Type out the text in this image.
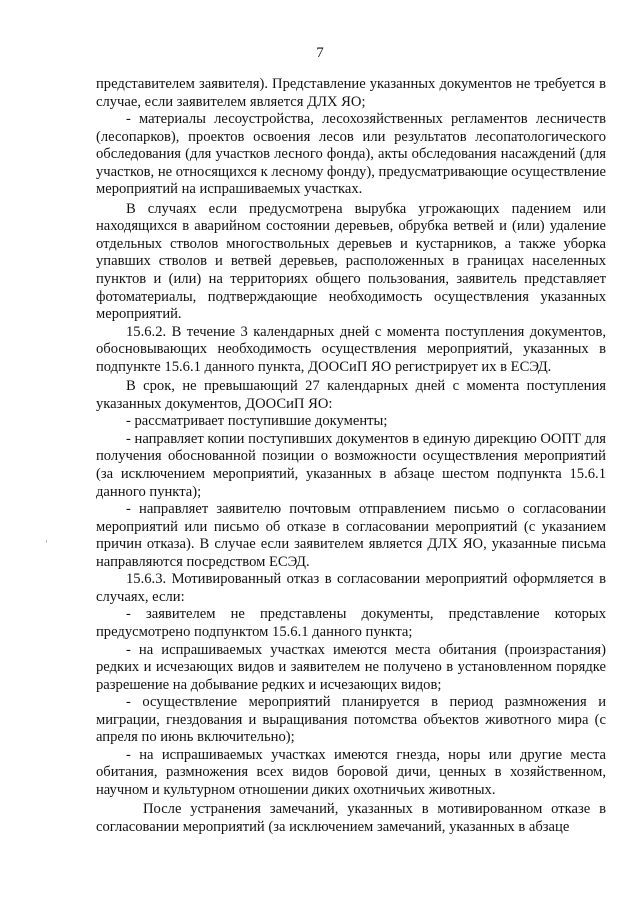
7

представителем заявителя). Представление указанных документов не требуется в случае, если заявителем является ДЛХ ЯО;

- материалы лесоустройства, лесохозяйственных регламентов лесничеств (лесопарков), проектов освоения лесов или результатов лесопатологического обследования (для участков лесного фонда), акты обследования насаждений (для участков, не относящихся к лесному фонду), предусматривающие осуществление мероприятий на испрашиваемых участках.

В случаях если предусмотрена вырубка угрожающих падением или находящихся в аварийном состоянии деревьев, обрубка ветвей и (или) удаление отдельных стволов многоствольных деревьев и кустарников, а также уборка упавших стволов и ветвей деревьев, расположенных в границах населенных пунктов и (или) на территориях общего пользования, заявитель представляет фотоматериалы, подтверждающие необходимость осуществления указанных мероприятий.

15.6.2. В течение 3 календарных дней с момента поступления документов, обосновывающих необходимость осуществления мероприятий, указанных в подпункте 15.6.1 данного пункта, ДООСиП ЯО регистрирует их в ЕСЭД.

В срок, не превышающий 27 календарных дней с момента поступления указанных документов, ДООСиП ЯО:

- рассматривает поступившие документы;

- направляет копии поступивших документов в единую дирекцию ООПТ для получения обоснованной позиции о возможности осуществления мероприятий (за исключением мероприятий, указанных в абзаце шестом подпункта 15.6.1 данного пункта);

- направляет заявителю почтовым отправлением письмо о согласовании мероприятий или письмо об отказе в согласовании мероприятий (с указанием причин отказа). В случае если заявителем является ДЛХ ЯО, указанные письма направляются посредством ЕСЭД.

15.6.3. Мотивированный отказ в согласовании мероприятий оформляется в случаях, если:

- заявителем не представлены документы, представление которых предусмотрено подпунктом 15.6.1 данного пункта;

- на испрашиваемых участках имеются места обитания (произрастания) редких и исчезающих видов и заявителем не получено в установленном порядке разрешение на добывание редких и исчезающих видов;

- осуществление мероприятий планируется в период размножения и миграции, гнездования и выращивания потомства объектов животного мира (с апреля по июнь включительно);

- на испрашиваемых участках имеются гнезда, норы или другие места обитания, размножения всех видов боровой дичи, ценных в хозяйственном, научном и культурном отношении диких охотничьих животных.

После устранения замечаний, указанных в мотивированном отказе в согласовании мероприятий (за исключением замечаний, указанных в абзаце
